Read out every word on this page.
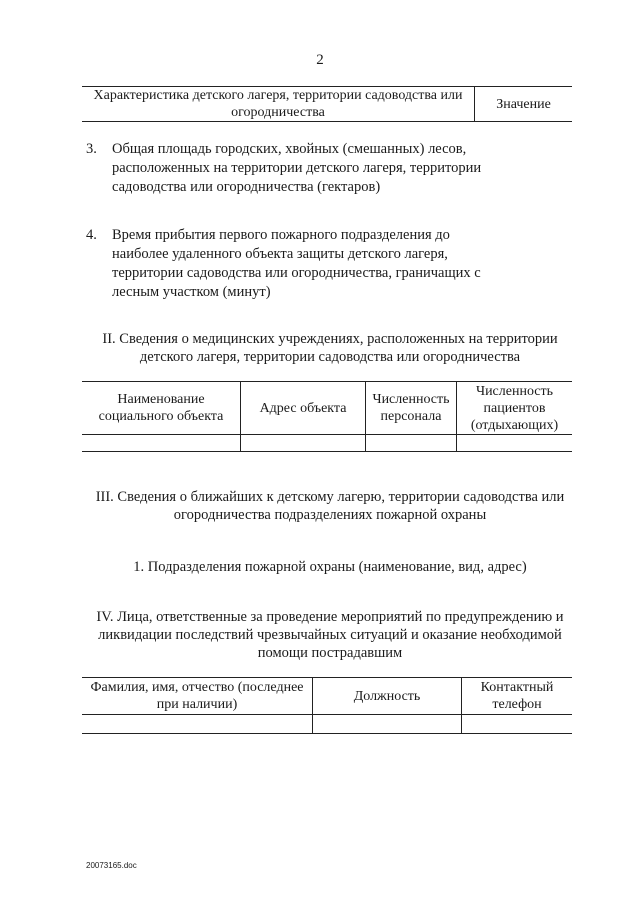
2
Характеристика детского лагеря, территории садоводства или огородничества	Значение
3. Общая площадь городских, хвойных (смешанных) лесов, расположенных на территории детского лагеря, территории садоводства или огородничества (гектаров)
4. Время прибытия первого пожарного подразделения до наиболее удаленного объекта защиты детского лагеря, территории садоводства или огородничества, граничащих с лесным участком (минут)
II. Сведения о медицинских учреждениях, расположенных на территории детского лагеря, территории садоводства или огородничества
Наименование социального объекта	Адрес объекта	Численность персонала	Численность пациентов (отдыхающих)

III. Сведения о ближайших к детскому лагерю, территории садоводства или огородничества подразделениях пожарной охраны
1. Подразделения пожарной охраны (наименование, вид, адрес)
IV. Лица, ответственные за проведение мероприятий по предупреждению и ликвидации последствий чрезвычайных ситуаций и оказание необходимой помощи пострадавшим
Фамилия, имя, отчество (последнее при наличии)	Должность	Контактный телефон

20073165.doc
